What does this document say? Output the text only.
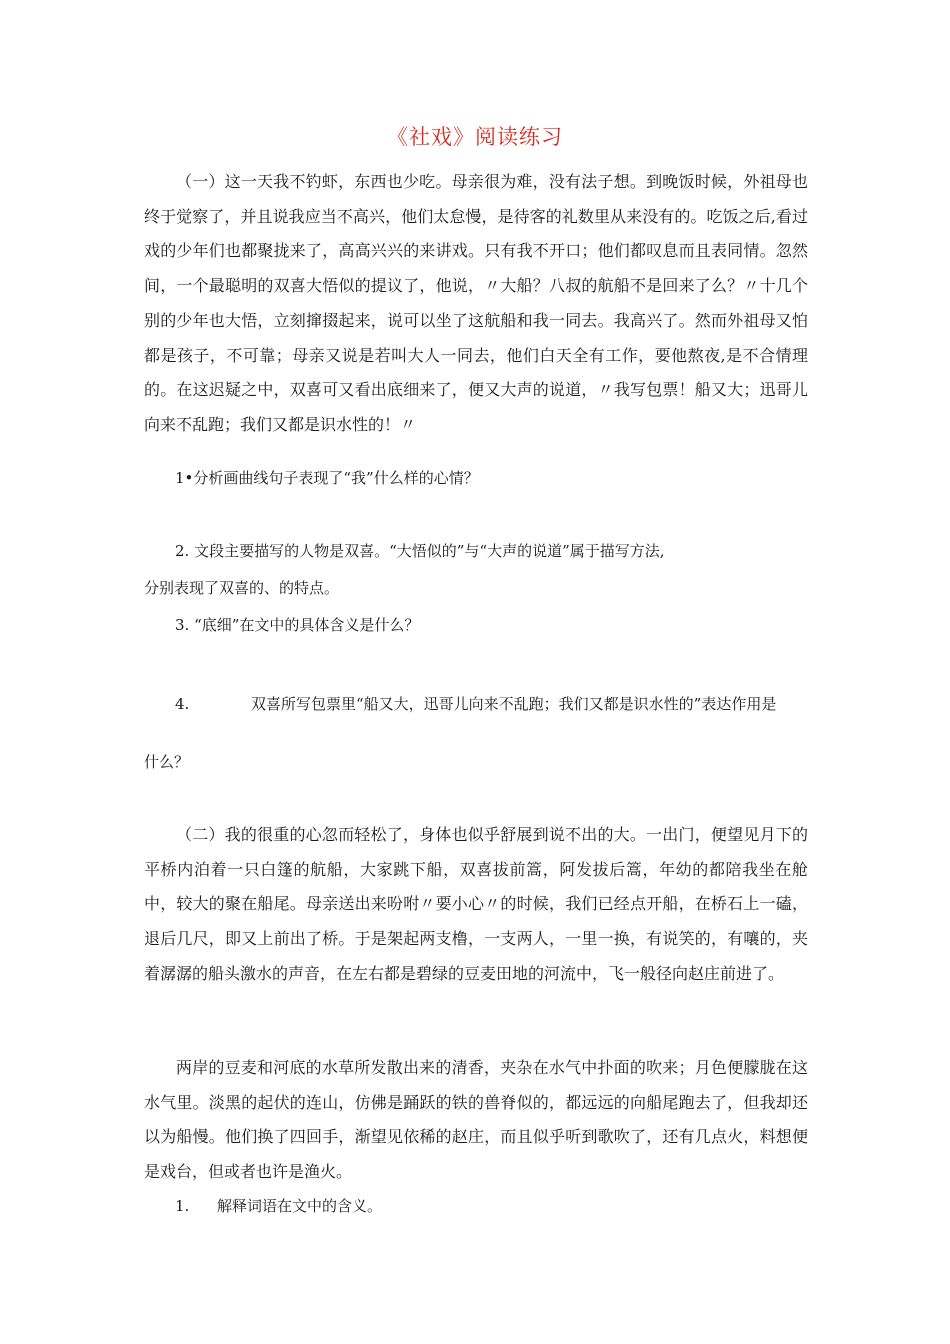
《社戏》阅读练习
（一）这一天我不钓虾，东西也少吃。母亲很为难，没有法子想。到晚饭时候，外祖母也终于觉察了，并且说我应当不高兴，他们太怠慢，是待客的礼数里从来没有的。吃饭之后,看过戏的少年们也都聚拢来了，高高兴兴的来讲戏。只有我不开口；他们都叹息而且表同情。忽然间，一个最聪明的双喜大悟似的提议了，他说，〃大船？八叔的航船不是回来了么？〃十几个别的少年也大悟，立刻撺掇起来，说可以坐了这航船和我一同去。我高兴了。然而外祖母又怕都是孩子，不可靠；母亲又说是若叫大人一同去，他们白天全有工作，要他熬夜,是不合情理的。在这迟疑之中，双喜可又看出底细来了，便又大声的说道，〃我写包票！船又大；迅哥儿向来不乱跑；我们又都是识水性的！〃
1•分析画曲线句子表现了“我”什么样的心情？
2. 文段主要描写的人物是双喜。“大悟似的”与“大声的说道”属于描写方法,
分别表现了双喜的、的特点。
3. “底细”在文中的具体含义是什么？
4.	双喜所写包票里“船又大，迅哥儿向来不乱跑；我们又都是识水性的”表达作用是
什么？
（二）我的很重的心忽而轻松了，身体也似乎舒展到说不出的大。一出门，便望见月下的平桥内泊着一只白篷的航船，大家跳下船，双喜拔前篙，阿发拔后篙，年幼的都陪我坐在舱中，较大的聚在船尾。母亲送出来吩咐〃要小心〃的时候，我们已经点开船，在桥石上一磕，退后几尺，即又上前出了桥。于是架起两支橹，一支两人，一里一换，有说笑的，有嚷的，夹着潺潺的船头激水的声音，在左右都是碧绿的豆麦田地的河流中，飞一般径向赵庄前进了。
两岸的豆麦和河底的水草所发散出来的清香，夹杂在水气中扑面的吹来；月色便朦胧在这水气里。淡黑的起伏的连山，仿佛是踊跃的铁的兽脊似的，都远远的向船尾跑去了，但我却还以为船慢。他们换了四回手，渐望见依稀的赵庄，而且似乎听到歌吹了，还有几点火，料想便是戏台，但或者也许是渔火。
1. 解释词语在文中的含义。
